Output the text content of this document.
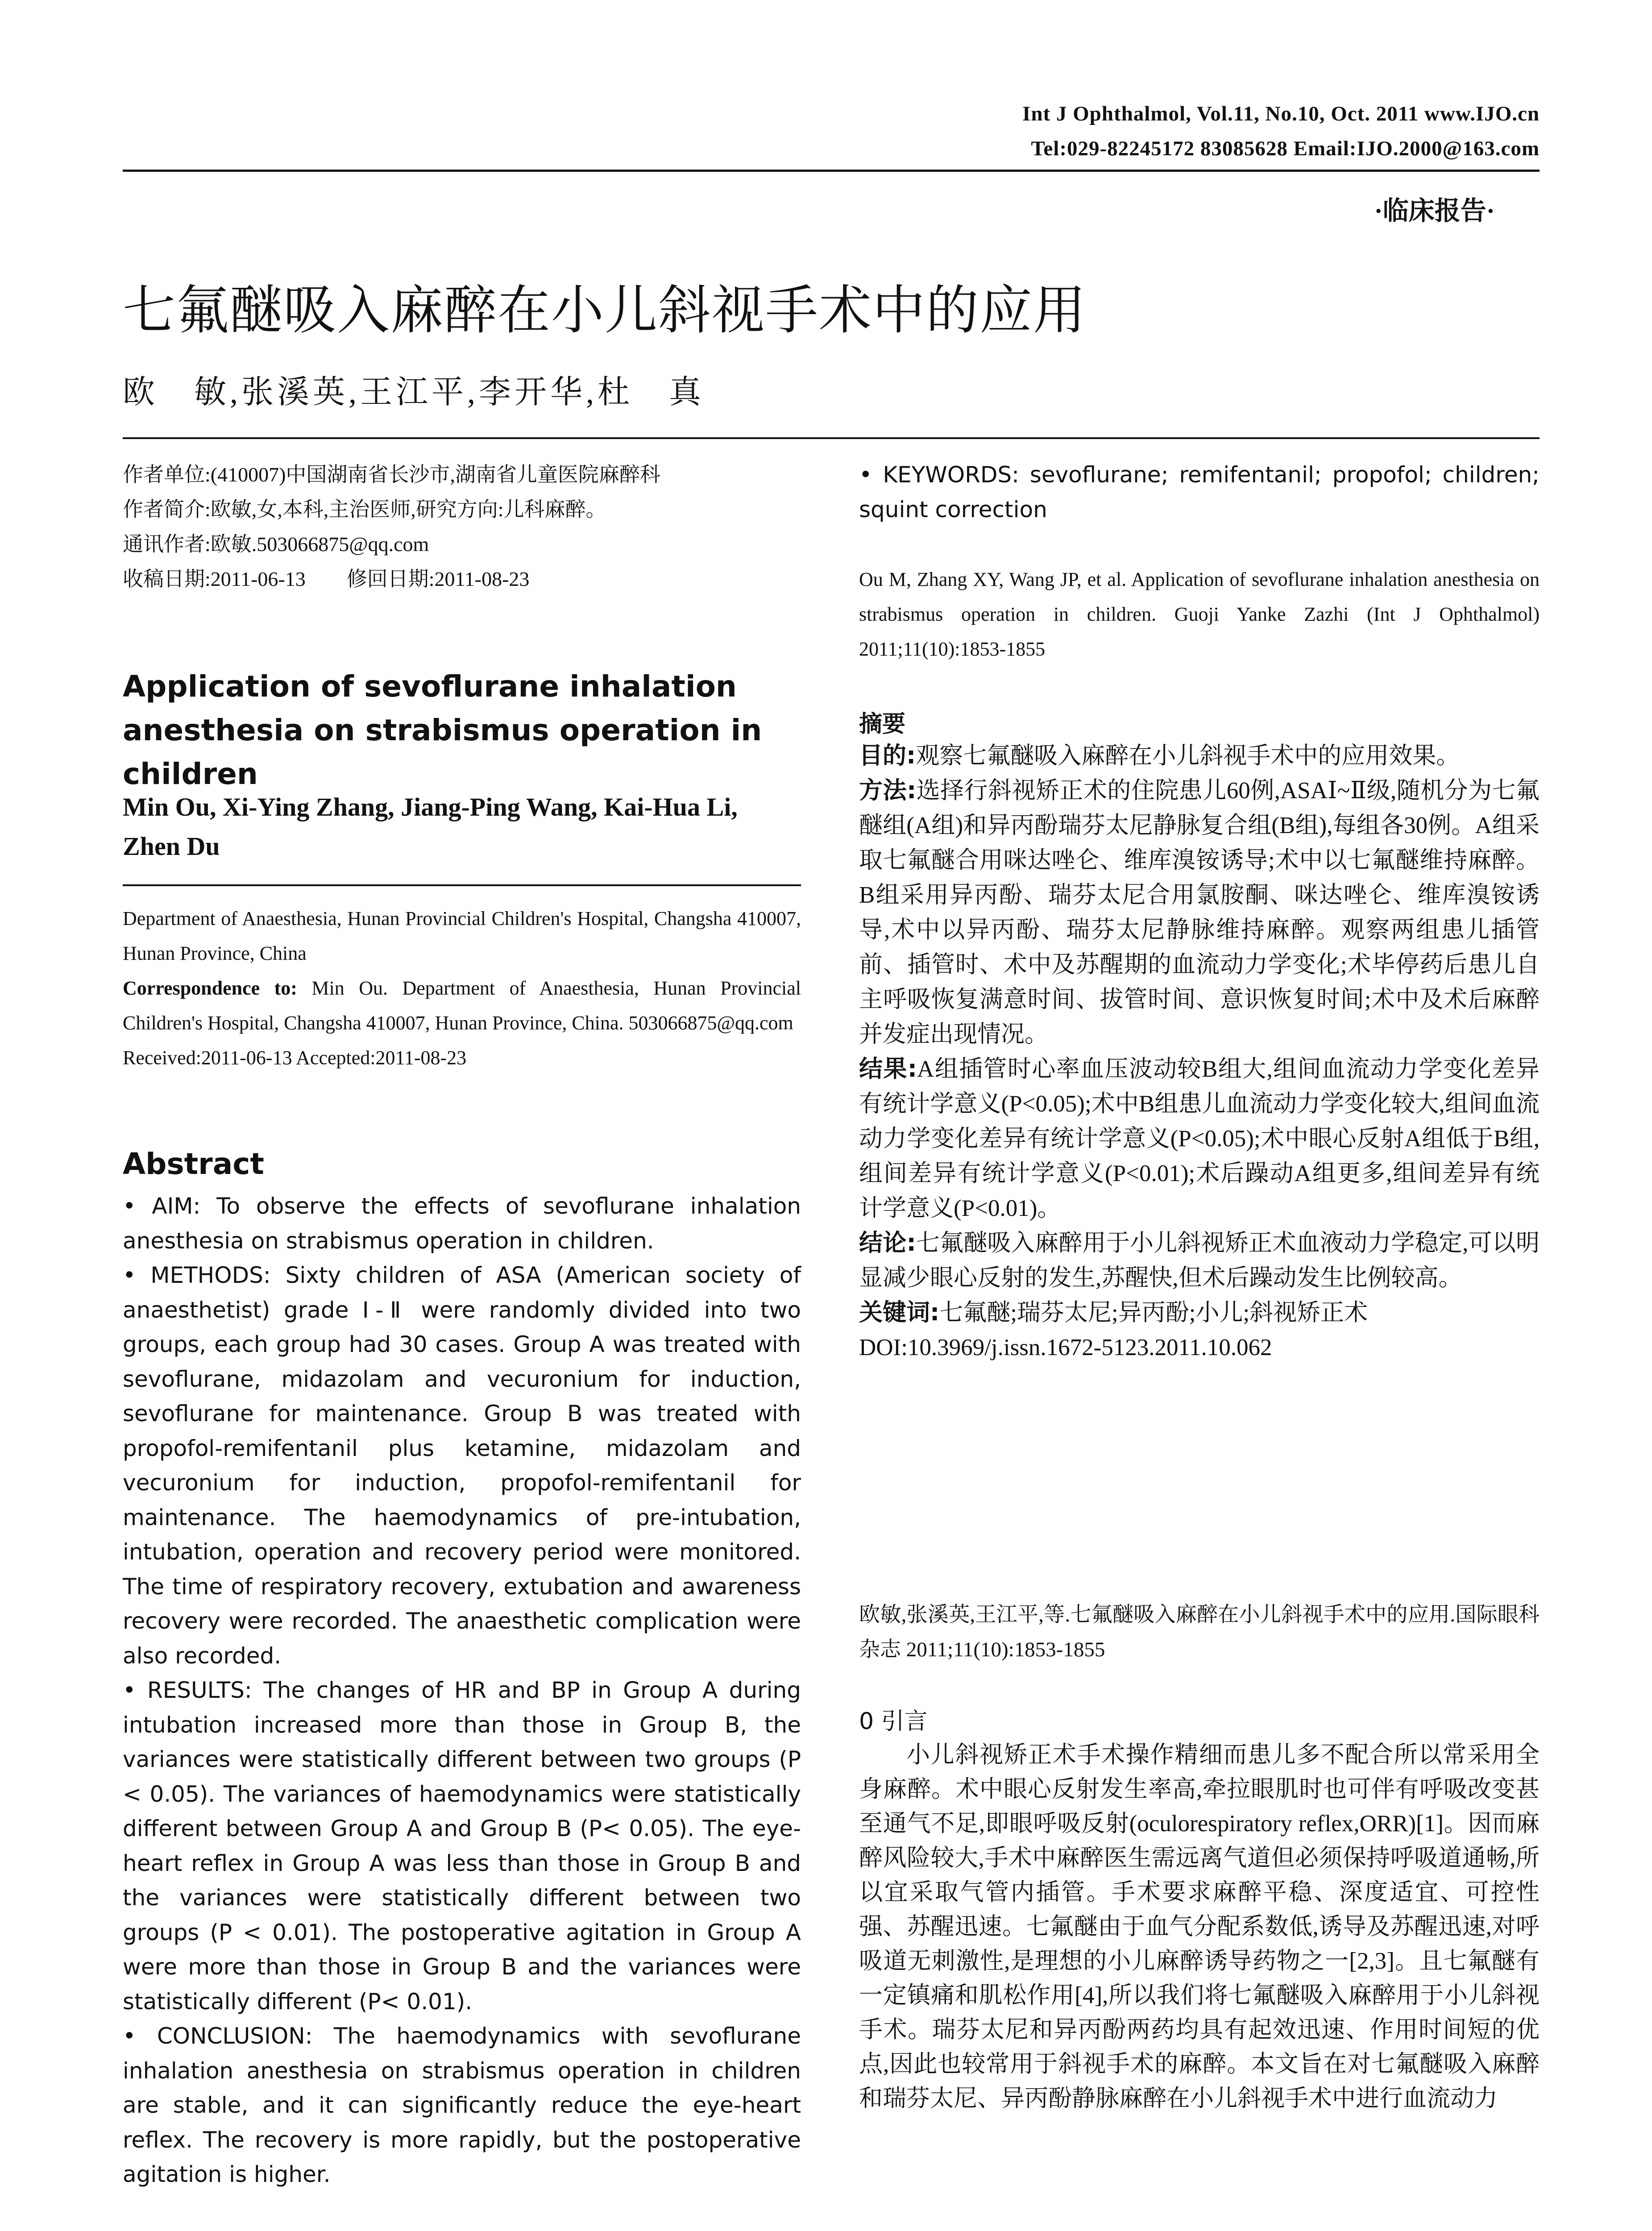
Int J Ophthalmol, Vol.11, No.10, Oct. 2011 www.IJO.cn
Tel:029-82245172 83085628 Email:IJO.2000@163.com
·临床报告·
七氟醚吸入麻醉在小儿斜视手术中的应用
欧　敏,张溪英,王江平,李开华,杜　真
作者单位:(410007)中国湖南省长沙市,湖南省儿童医院麻醉科
作者简介:欧敏,女,本科,主治医师,研究方向:儿科麻醉。
通讯作者:欧敏.503066875@qq.com
收稿日期:2011-06-13　　修回日期:2011-08-23
Application of sevoflurane inhalation anesthesia on strabismus operation in children
Min Ou, Xi-Ying Zhang, Jiang-Ping Wang, Kai-Hua Li, Zhen Du
Department of Anaesthesia, Hunan Provincial Children's Hospital, Changsha 410007, Hunan Province, China
Correspondence to: Min Ou. Department of Anaesthesia, Hunan Provincial Children's Hospital, Changsha 410007, Hunan Province, China. 503066875@qq.com
Received:2011-06-13 Accepted:2011-08-23
Abstract
• AIM: To observe the effects of sevoflurane inhalation anesthesia on strabismus operation in children.
• METHODS: Sixty children of ASA (American society of anaesthetist) grade Ⅰ-Ⅱ were randomly divided into two groups, each group had 30 cases. Group A was treated with sevoflurane, midazolam and vecuronium for induction, sevoflurane for maintenance. Group B was treated with propofol-remifentanil plus ketamine, midazolam and vecuronium for induction, propofol-remifentanil for maintenance. The haemodynamics of pre-intubation, intubation, operation and recovery period were monitored. The time of respiratory recovery, extubation and awareness recovery were recorded. The anaesthetic complication were also recorded.
• RESULTS: The changes of HR and BP in Group A during intubation increased more than those in Group B, the variances were statistically different between two groups (P < 0.05). The variances of haemodynamics were statistically different between Group A and Group B (P< 0.05). The eye-heart reflex in Group A was less than those in Group B and the variances were statistically different between two groups (P < 0.01). The postoperative agitation in Group A were more than those in Group B and the variances were statistically different (P< 0.01).
• CONCLUSION: The haemodynamics with sevoflurane inhalation anesthesia on strabismus operation in children are stable, and it can significantly reduce the eye-heart reflex. The recovery is more rapidly, but the postoperative agitation is higher.
• KEYWORDS: sevoflurane; remifentanil; propofol; children; squint correction
Ou M, Zhang XY, Wang JP, et al. Application of sevoflurane inhalation anesthesia on strabismus operation in children. Guoji Yanke Zazhi (Int J Ophthalmol) 2011;11(10):1853-1855
摘要
目的:观察七氟醚吸入麻醉在小儿斜视手术中的应用效果。
方法:选择行斜视矫正术的住院患儿60例,ASAⅠ~Ⅱ级,随机分为七氟醚组(A组)和异丙酚瑞芬太尼静脉复合组(B组),每组各30例。A组采取七氟醚合用咪达唑仑、维库溴铵诱导;术中以七氟醚维持麻醉。B组采用异丙酚、瑞芬太尼合用氯胺酮、咪达唑仑、维库溴铵诱导,术中以异丙酚、瑞芬太尼静脉维持麻醉。观察两组患儿插管前、插管时、术中及苏醒期的血流动力学变化;术毕停药后患儿自主呼吸恢复满意时间、拔管时间、意识恢复时间;术中及术后麻醉并发症出现情况。
结果:A组插管时心率血压波动较B组大,组间血流动力学变化差异有统计学意义(P<0.05);术中B组患儿血流动力学变化较大,组间血流动力学变化差异有统计学意义(P<0.05);术中眼心反射A组低于B组,组间差异有统计学意义(P<0.01);术后躁动A组更多,组间差异有统计学意义(P<0.01)。
结论:七氟醚吸入麻醉用于小儿斜视矫正术血液动力学稳定,可以明显减少眼心反射的发生,苏醒快,但术后躁动发生比例较高。
关键词:七氟醚;瑞芬太尼;异丙酚;小儿;斜视矫正术
DOI:10.3969/j.issn.1672-5123.2011.10.062
欧敏,张溪英,王江平,等.七氟醚吸入麻醉在小儿斜视手术中的应用.国际眼科杂志 2011;11(10):1853-1855
0 引言
小儿斜视矫正术手术操作精细而患儿多不配合所以常采用全身麻醉。术中眼心反射发生率高,牵拉眼肌时也可伴有呼吸改变甚至通气不足,即眼呼吸反射(oculorespiratory reflex,ORR)[1]。因而麻醉风险较大,手术中麻醉医生需远离气道但必须保持呼吸道通畅,所以宜采取气管内插管。手术要求麻醉平稳、深度适宜、可控性强、苏醒迅速。七氟醚由于血气分配系数低,诱导及苏醒迅速,对呼吸道无刺激性,是理想的小儿麻醉诱导药物之一[2,3]。且七氟醚有一定镇痛和肌松作用[4],所以我们将七氟醚吸入麻醉用于小儿斜视手术。瑞芬太尼和异丙酚两药均具有起效迅速、作用时间短的优点,因此也较常用于斜视手术的麻醉。本文旨在对七氟醚吸入麻醉和瑞芬太尼、异丙酚静脉麻醉在小儿斜视手术中进行血流动力
